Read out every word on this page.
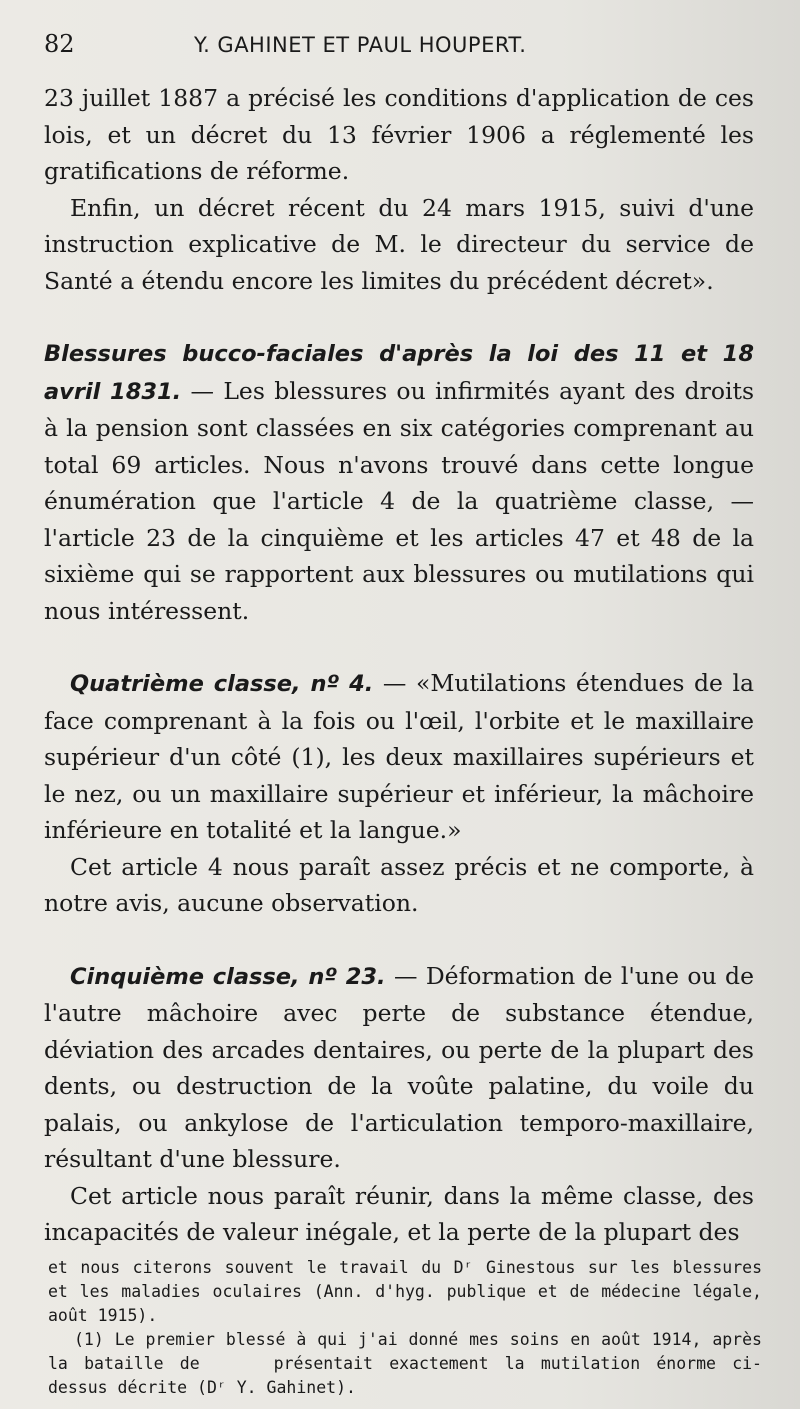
82	Y. GAHINET ET PAUL HOUPERT.

23 juillet 1887 a précisé les conditions d'application de ces lois, et un décret du 13 février 1906 a réglementé les gratifications de réforme.

Enfin, un décret récent du 24 mars 1915, suivi d'une instruction explicative de M. le directeur du service de Santé a étendu encore les limites du précédent décret».

Blessures bucco-faciales d'après la loi des 11 et 18 avril 1831. — Les blessures ou infirmités ayant des droits à la pension sont classées en six catégories comprenant au total 69 articles. Nous n'avons trouvé dans cette longue énumération que l'article 4 de la quatrième classe, — l'article 23 de la cinquième et les articles 47 et 48 de la sixième qui se rapportent aux blessures ou mutilations qui nous intéressent.

Quatrième classe, nº 4. — «Mutilations étendues de la face comprenant à la fois ou l'œil, l'orbite et le maxillaire supérieur d'un côté (1), les deux maxillaires supérieurs et le nez, ou un maxillaire supérieur et inférieur, la mâchoire inférieure en totalité et la langue.»

Cet article 4 nous paraît assez précis et ne comporte, à notre avis, aucune observation.

Cinquième classe, nº 23. — Déformation de l'une ou de l'autre mâchoire avec perte de substance étendue, déviation des arcades dentaires, ou perte de la plupart des dents, ou destruction de la voûte palatine, du voile du palais, ou ankylose de l'articulation temporo-maxillaire, résultant d'une blessure.

Cet article nous paraît réunir, dans la même classe, des incapacités de valeur inégale, et la perte de la plupart des

et nous citerons souvent le travail du Dʳ Ginestous sur les blessures et les maladies oculaires (Ann. d'hyg. publique et de médecine légale, août 1915).

(1) Le premier blessé à qui j'ai donné mes soins en août 1914, après la bataille de	présentait exactement la mutilation énorme ci-dessus décrite (Dʳ Y. Gahinet).
